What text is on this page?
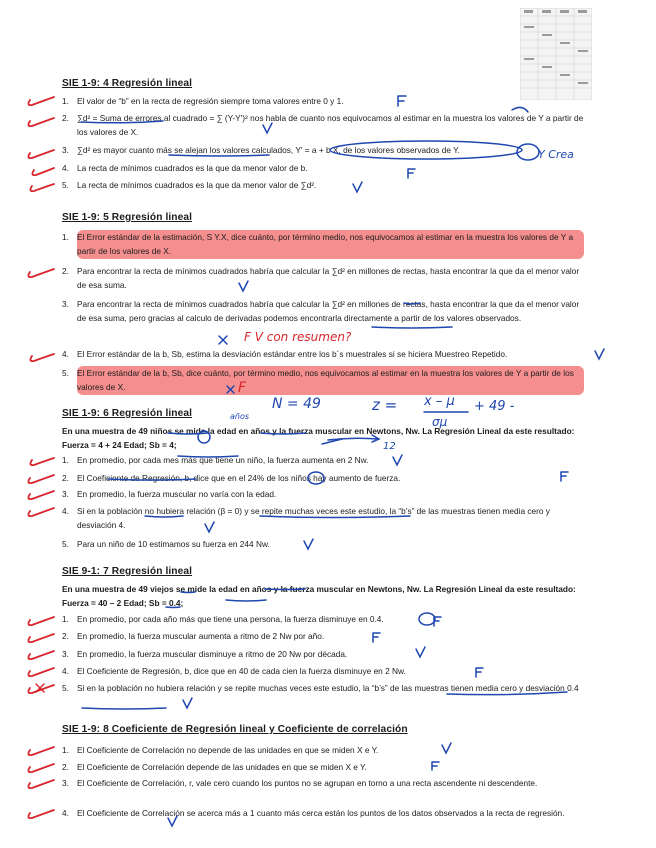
SIE 1-9: 4 Regresión lineal
1. El valor de “b” en la recta de regresión siempre toma valores entre 0 y 1.
2. ∑d² = Suma de errores al cuadrado = ∑ (Y-Y')² nos habla de cuanto nos equivocamos al estimar en la muestra los valores de Y a partir de los valores de X.
3. ∑d² es mayor cuanto más se alejan los valores calculados, Y' = a + b X, de los valores observados de Y.
4. La recta de mínimos cuadrados es la que da menor valor de b.
5. La recta de mínimos cuadrados es la que da menor valor de ∑d².
SIE 1-9: 5 Regresión lineal
1. El Error estándar de la estimación, S Y.X, dice cuánto, por término medio, nos equivocamos al estimar en la muestra los valores de Y a partir de los valores de X.
2. Para encontrar la recta de mínimos cuadrados habría que calcular la ∑d² en millones de rectas, hasta encontrar la que da el menor valor de esa suma.
3. Para encontrar la recta de mínimos cuadrados habría que calcular la ∑d² en millones de rectas, hasta encontrar la que da el menor valor de esa suma, pero gracias al calculo de derivadas podemos encontrarla directamente a partir de los valores observados.
4. El Error estándar de la b, Sb, estima la desviación estándar entre los b´s muestrales si se hiciera Muestreo Repetido.
5. El Error estándar de la b, Sb, dice cuánto, por término medio, nos equivocamos al estimar en la muestra los valores de Y a partir de los valores de X.
SIE 1-9: 6 Regresión lineal
En una muestra de 49 niños se mide la edad en años y la fuerza muscular en Newtons, Nw. La Regresión Lineal da este resultado: Fuerza = 4 + 24 Edad; Sb = 4;
1. En promedio, por cada mes más que tiene un niño, la fuerza aumenta en 2 Nw.
2. El Coeficiente de Regresión, b, dice que en el 24% de los niños hay aumento de fuerza.
3. En promedio, la fuerza muscular no varía con la edad.
4. Si en la población no hubiera relación (β = 0) y se repite muchas veces este estudio, la “b’s” de las muestras tienen media cero y desviación 4.
5. Para un niño de 10 estimamos su fuerza en 244 Nw.
SIE 9-1: 7 Regresión lineal
En una muestra de 49 viejos se mide la edad en años y la fuerza muscular en Newtons, Nw. La Regresión Lineal da este resultado: Fuerza = 40 – 2 Edad; Sb = 0.4;
1. En promedio, por cada año más que tiene una persona, la fuerza disminuye en 0.4.
2. En promedio, la fuerza muscular aumenta a ritmo de 2 Nw por año.
3. En promedio, la fuerza muscular disminuye a ritmo de 20 Nw por década.
4. El Coeficiente de Regresión, b, dice que en 40 de cada cien la fuerza disminuye en 2 Nw.
5. Si en la población no hubiera relación y se repite muchas veces este estudio, la “b’s” de las muestras tienen media cero y desviación 0.4
SIE 1-9: 8 Coeficiente de Regresión lineal y Coeficiente de correlación
1. El Coeficiente de Correlación no depende de las unidades en que se miden X e Y.
2. El Coeficiente de Correlación depende de las unidades en que se miden X e Y.
3. El Coeficiente de Correlación, r, vale cero cuando los puntos no se agrupan en torno a una recta ascendente ni descendente.
4. El Coeficiente de Correlación se acerca más a 1 cuanto más cerca están los puntos de los datos observados a la recta de regresión.
F V con resumen?
F
Y Crea
años
N = 49	z = x – μ
σμ
+ 49 -
12
